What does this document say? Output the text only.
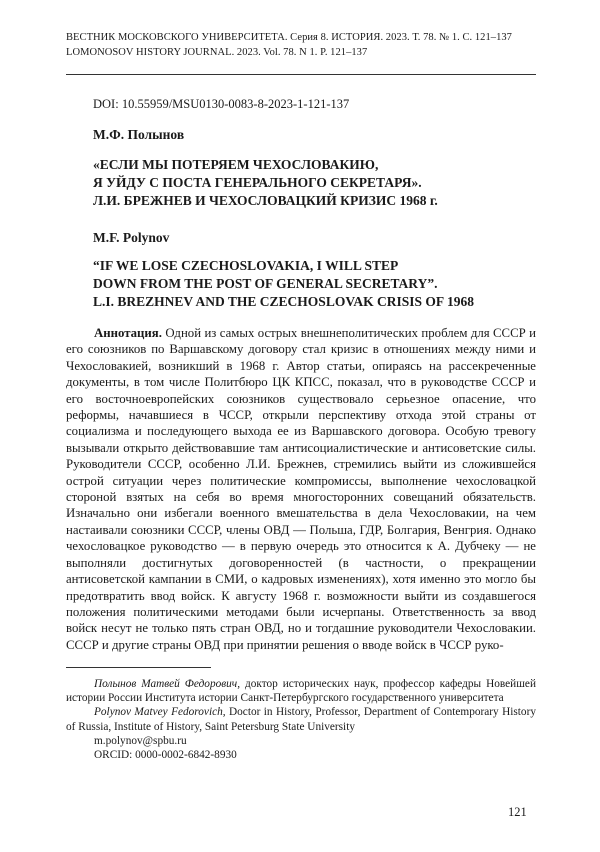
ВЕСТНИК МОСКОВСКОГО УНИВЕРСИТЕТА. Серия 8. ИСТОРИЯ. 2023. Т. 78. № 1. С. 121–137
LOMONOSOV HISTORY JOURNAL. 2023. Vol. 78. N 1. P. 121–137
DOI: 10.55959/MSU0130-0083-8-2023-1-121-137
М.Ф. Полынов
«ЕСЛИ МЫ ПОТЕРЯЕМ ЧЕХОСЛОВАКИЮ,
Я УЙДУ С ПОСТА ГЕНЕРАЛЬНОГО СЕКРЕТАРЯ».
Л.И. БРЕЖНЕВ И ЧЕХОСЛОВАЦКИЙ КРИЗИС 1968 г.
M.F. Polynov
“IF WE LOSE CZECHOSLOVAKIA, I WILL STEP
DOWN FROM THE POST OF GENERAL SECRETARY”.
L.I. BREZHNEV AND THE CZECHOSLOVAK CRISIS OF 1968

Аннотация. Одной из самых острых внешнеполитических проблем для СССР и его союзников по Варшавскому договору стал кризис в отношениях между ними и Чехословакией, возникший в 1968 г. Автор статьи, опираясь на рассекреченные документы, в том числе Политбюро ЦК КПСС, показал, что в руководстве СССР и его восточноевропейских союзников существовало серьезное опасение, что реформы, начавшиеся в ЧССР, открыли перспективу отхода этой страны от социализма и последующего выхода ее из Варшавского договора. Особую тревогу вызывали открыто действовавшие там антисоциалистические и антисоветские силы. Руководители СССР, особенно Л.И. Брежнев, стремились выйти из сложившейся острой ситуации через политические компромиссы, выполнение чехословацкой стороной взятых на себя во время многосторонних совещаний обязательств. Изначально они избегали военного вмешательства в дела Чехословакии, на чем настаивали союзники СССР, члены ОВД — Польша, ГДР, Болгария, Венгрия. Однако чехословацкое руководство — в первую очередь это относится к А. Дубчеку — не выполняли достигнутых договоренностей (в частности, о прекращении антисоветской кампании в СМИ, о кадровых изменениях), хотя именно это могло бы предотвратить ввод войск. К августу 1968 г. возможности выйти из создавшегося положения политическими методами были исчерпаны. Ответственность за ввод войск несут не только пять стран ОВД, но и тогдашние руководители Чехословакии. СССР и другие страны ОВД при принятии решения о вводе войск в ЧССР руко-

Полынов Матвей Федорович, доктор исторических наук, профессор кафедры Новейшей истории России Института истории Санкт-Петербургского государственного университета

Polynov Matvey Fedorovich, Doctor in History, Professor, Department of Contemporary History of Russia, Institute of History, Saint Petersburg State University

m.polynov@spbu.ru

ORCID: 0000-0002-6842-8930

121
